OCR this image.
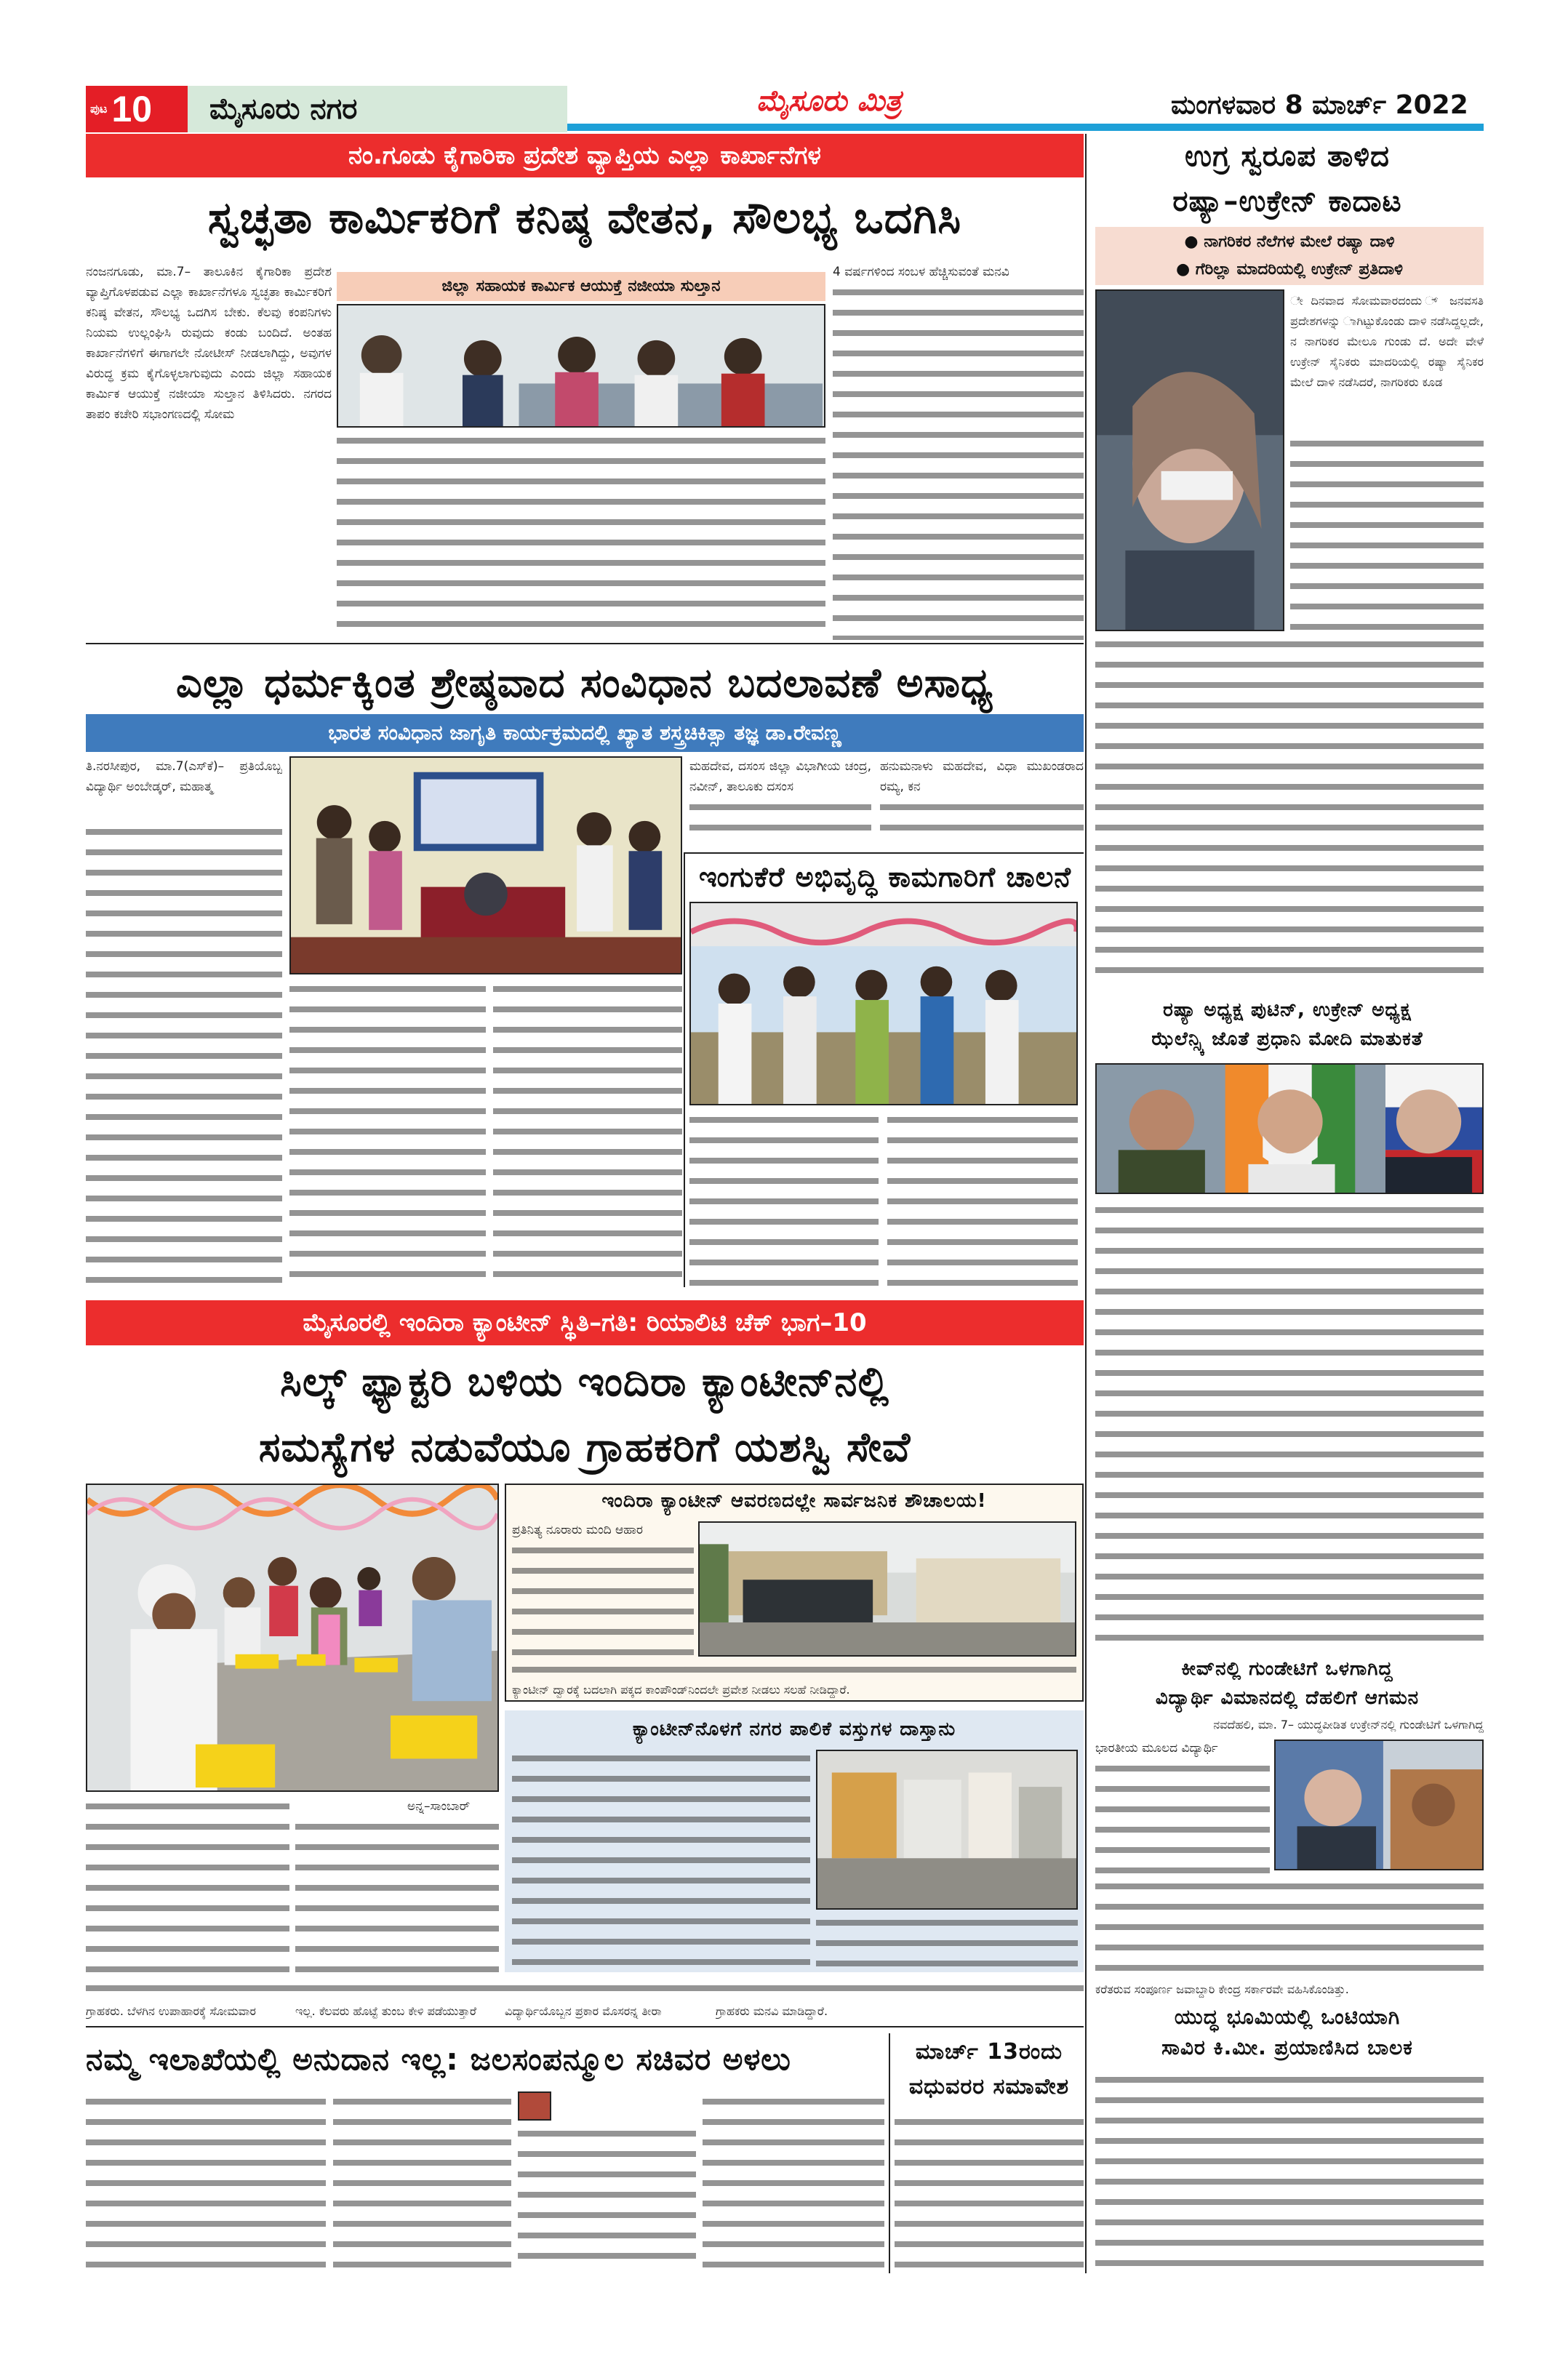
ಪುಟ 10	ಮೈಸೂರು ನಗರ	ಮೈಸೂರು ಮಿತ್ರ	ಮಂಗಳವಾರ 8 ಮಾರ್ಚ್ 2022
ನಂ.ಗೂಡು ಕೈಗಾರಿಕಾ ಪ್ರದೇಶ ವ್ಯಾಪ್ತಿಯ ಎಲ್ಲಾ ಕಾರ್ಖಾನೆಗಳ
ಸ್ವಚ್ಛತಾ ಕಾರ್ಮಿಕರಿಗೆ ಕನಿಷ್ಠ ವೇತನ, ಸೌಲಭ್ಯ ಒದಗಿಸಿ
ನಂಜನಗೂಡು, ಮಾ.7– ತಾಲೂಕಿನ ಕೈಗಾರಿಕಾ ಪ್ರದೇಶ ವ್ಯಾಪ್ತಿಗೊಳಪಡುವ ಎಲ್ಲಾ ಕಾರ್ಖಾನೆಗಳೂ ಸ್ವಚ್ಛತಾ ಕಾರ್ಮಿಕರಿಗೆ ಕನಿಷ್ಠ ವೇತನ, ಸೌಲಭ್ಯ ಒದಗಿಸ ಬೇಕು. ಕೆಲವು ಕಂಪನಿಗಳು ನಿಯಮ ಉಲ್ಲಂಘಿಸಿ ರುವುದು ಕಂಡು ಬಂದಿದೆ. ಅಂತಹ ಕಾರ್ಖಾನೆಗಳಿಗೆ ಈಗಾಗಲೇ ನೋಟೀಸ್ ನೀಡಲಾಗಿದ್ದು, ಅವುಗಳ ವಿರುದ್ಧ ಕ್ರಮ ಕೈಗೊಳ್ಳಲಾಗುವುದು ಎಂದು ಜಿಲ್ಲಾ ಸಹಾಯಕ ಕಾರ್ಮಿಕ ಆಯುಕ್ತೆ ನಜೀಯಾ ಸುಲ್ತಾನ ತಿಳಿಸಿದರು. ನಗರದ ತಾಪಂ ಕಚೇರಿ ಸಭಾಂಗಣದಲ್ಲಿ ಸೋಮ
ಜಿಲ್ಲಾ ಸಹಾಯಕ ಕಾರ್ಮಿಕ ಆಯುಕ್ತೆ ನಜೀಯಾ ಸುಲ್ತಾನ
4 ವರ್ಷಗಳಿಂದ ಸಂಬಳ ಹೆಚ್ಚಿಸುವಂತೆ ಮನವಿ
ಎಲ್ಲಾ ಧರ್ಮಕ್ಕಿಂತ ಶ್ರೇಷ್ಠವಾದ ಸಂವಿಧಾನ ಬದಲಾವಣೆ ಅಸಾಧ್ಯ
ಭಾರತ ಸಂವಿಧಾನ ಜಾಗೃತಿ ಕಾರ್ಯಕ್ರಮದಲ್ಲಿ ಖ್ಯಾತ ಶಸ್ತ್ರಚಿಕಿತ್ಸಾ ತಜ್ಞ ಡಾ.ರೇವಣ್ಣ
ತಿ.ನರಸೀಪುರ, ಮಾ.7(ಎಸ್‌ಕೆ)– ಪ್ರತಿಯೊಬ್ಬ ವಿದ್ಯಾರ್ಥಿ ಅಂಬೇಡ್ಕರ್, ಮಹಾತ್ಮ
ಮಹದೇವ, ದಸಂಸ ಜಿಲ್ಲಾ ವಿಭಾಗೀಯ ಚಂದ್ರ, ನವೀನ್, ತಾಲೂಕು ದಸಂಸ
ಹನುಮನಾಳು ಮಹದೇವ, ವಿಧಾ ಮುಖಂಡರಾದ ರಮ್ಯ, ಕನ
ಇಂಗುಕೆರೆ ಅಭಿವೃದ್ಧಿ ಕಾಮಗಾರಿಗೆ ಚಾಲನೆ
ಮೈಸೂರಲ್ಲಿ ಇಂದಿರಾ ಕ್ಯಾಂಟೀನ್ ಸ್ಥಿತಿ–ಗತಿ: ರಿಯಾಲಿಟಿ ಚೆಕ್ ಭಾಗ–10
ಸಿಲ್ಕ್ ಫ್ಯಾಕ್ಟರಿ ಬಳಿಯ ಇಂದಿರಾ ಕ್ಯಾಂಟೀನ್‌ನಲ್ಲಿ
ಸಮಸ್ಯೆಗಳ ನಡುವೆಯೂ ಗ್ರಾಹಕರಿಗೆ ಯಶಸ್ವಿ ಸೇವೆ
ಇಂದಿರಾ ಕ್ಯಾಂಟೀನ್ ಆವರಣದಲ್ಲೇ ಸಾರ್ವಜನಿಕ ಶೌಚಾಲಯ!
ಪ್ರತಿನಿತ್ಯ ನೂರಾರು ಮಂದಿ ಆಹಾರ
ಕ್ಯಾಂಟೀನ್ ದ್ವಾರಕ್ಕೆ ಬದಲಾಗಿ ಪಕ್ಕದ ಕಾಂಪೌಂಡ್‌ನಿಂದಲೇ ಪ್ರವೇಶ ನೀಡಲು ಸಲಹೆ ನೀಡಿದ್ದಾರೆ.
ಕ್ಯಾಂಟೀನ್‌ನೊಳಗೆ ನಗರ ಪಾಲಿಕೆ ವಸ್ತುಗಳ ದಾಸ್ತಾನು
ಅನ್ನ–ಸಾಂಬಾರ್
ಗ್ರಾಹಕರು. ಬೆಳಗಿನ ಉಪಾಹಾರಕ್ಕೆ ಸೋಮವಾರ	ಇಲ್ಲ. ಕೆಲವರು ಹೊಟ್ಟೆ ತುಂಬ ಕೇಳಿ ಪಡೆಯುತ್ತಾರೆ	ವಿದ್ಯಾರ್ಥಿಯೊಬ್ಬನ ಪ್ರಕಾರ ಮೊಸರನ್ನ ತೀರಾ	ಗ್ರಾಹಕರು ಮನವಿ ಮಾಡಿದ್ದಾರೆ.
ನಮ್ಮ ಇಲಾಖೆಯಲ್ಲಿ ಅನುದಾನ ಇಲ್ಲ: ಜಲಸಂಪನ್ಮೂಲ ಸಚಿವರ ಅಳಲು	ಮಾರ್ಚ್ 13ರಂದು
ವಧುವರರ ಸಮಾವೇಶ
ಉಗ್ರ ಸ್ವರೂಪ ತಾಳಿದ
ರಷ್ಯಾ–ಉಕ್ರೇನ್ ಕಾದಾಟ
● ನಾಗರಿಕರ ನೆಲೆಗಳ ಮೇಲೆ ರಷ್ಯಾ ದಾಳಿ
● ಗೆರಿಲ್ಲಾ ಮಾದರಿಯಲ್ಲಿ ಉಕ್ರೇನ್ ಪ್ರತಿದಾಳಿ
ೇ ದಿನವಾದ ಸೋಮವಾರದಂದು ್ ಜನವಸತಿ ಪ್ರದೇಶಗಳನ್ನು ಾಗಿಟ್ಟುಕೊಂಡು ದಾಳಿ ನಡೆಸಿದ್ದಲ್ಲದೇ, ನ ನಾಗರಿಕರ ಮೇಲೂ ಗುಂಡು ದೆ. ಅದೇ ವೇಳೆ ಉಕ್ರೇನ್ ಸೈನಿಕರು ಮಾದರಿಯಲ್ಲಿ ರಷ್ಯಾ ಸೈನಿಕರ ಮೇಲೆ ದಾಳಿ ನಡೆಸಿದರೆ, ನಾಗರಿಕರು ಕೂಡ
ರಷ್ಯಾ ಅಧ್ಯಕ್ಷ ಪುಟಿನ್, ಉಕ್ರೇನ್ ಅಧ್ಯಕ್ಷ
ಝೆಲೆನ್ಸ್ಕಿ ಜೊತೆ ಪ್ರಧಾನಿ ಮೋದಿ ಮಾತುಕತೆ
ಕೀವ್‌ನಲ್ಲಿ ಗುಂಡೇಟಿಗೆ ಒಳಗಾಗಿದ್ದ
ವಿದ್ಯಾರ್ಥಿ ವಿಮಾನದಲ್ಲಿ ದೆಹಲಿಗೆ ಆಗಮನ
ನವದೆಹಲಿ, ಮಾ. 7– ಯುದ್ಧಪೀಡಿತ ಉಕ್ರೇನ್‌ನಲ್ಲಿ ಗುಂಡೇಟಿಗೆ ಒಳಗಾಗಿದ್ದ
ಭಾರತೀಯ ಮೂಲದ ವಿದ್ಯಾರ್ಥಿ
ಕರೆತರುವ ಸಂಪೂರ್ಣ ಜವಾಬ್ದಾರಿ ಕೇಂದ್ರ ಸರ್ಕಾರವೇ ವಹಿಸಿಕೊಂಡಿತ್ತು.
ಯುದ್ಧ ಭೂಮಿಯಲ್ಲಿ ಒಂಟಿಯಾಗಿ
ಸಾವಿರ ಕಿ.ಮೀ. ಪ್ರಯಾಣಿಸಿದ ಬಾಲಕ
